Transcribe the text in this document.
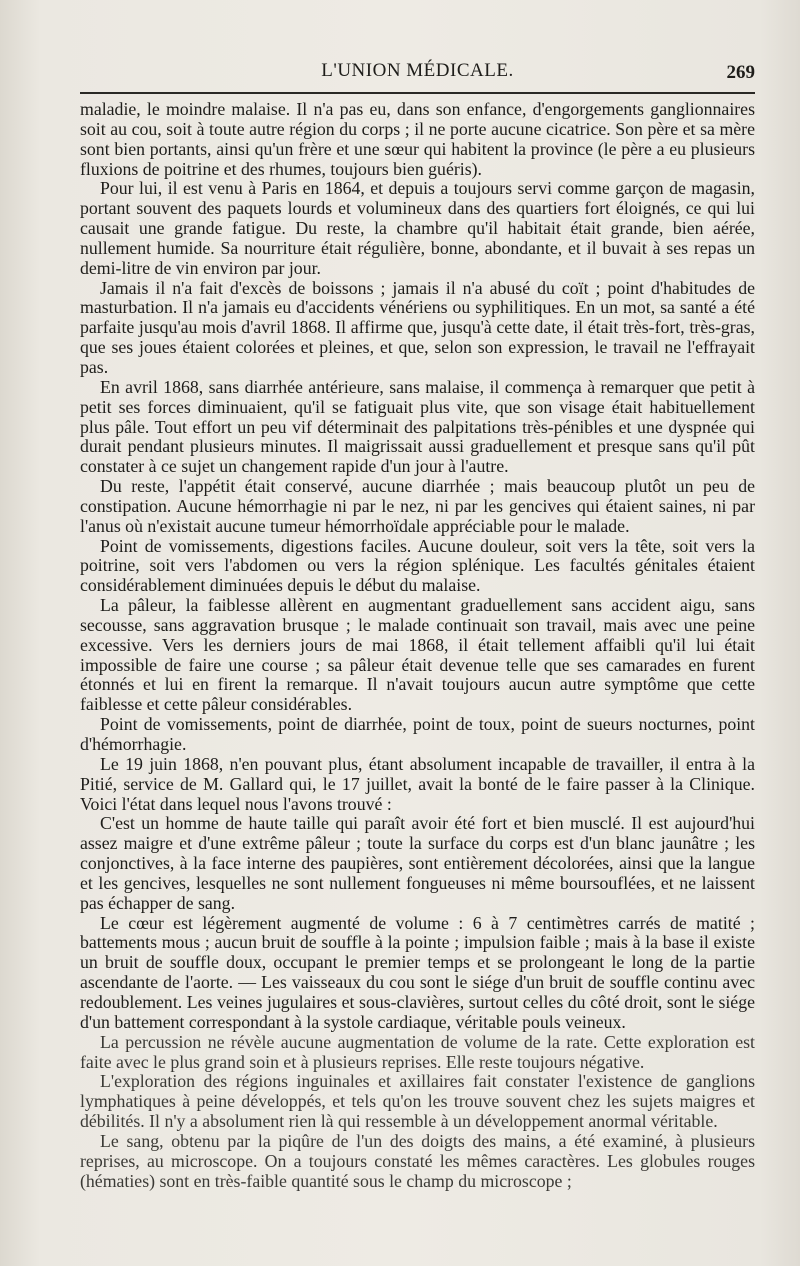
L'UNION MÉDICALE.	269

maladie, le moindre malaise. Il n'a pas eu, dans son enfance, d'engorgements ganglionnaires soit au cou, soit à toute autre région du corps ; il ne porte aucune cicatrice. Son père et sa mère sont bien portants, ainsi qu'un frère et une sœur qui habitent la province (le père a eu plusieurs fluxions de poitrine et des rhumes, toujours bien guéris).

Pour lui, il est venu à Paris en 1864, et depuis a toujours servi comme garçon de magasin, portant souvent des paquets lourds et volumineux dans des quartiers fort éloignés, ce qui lui causait une grande fatigue. Du reste, la chambre qu'il habitait était grande, bien aérée, nullement humide. Sa nourriture était régulière, bonne, abondante, et il buvait à ses repas un demi-litre de vin environ par jour.

Jamais il n'a fait d'excès de boissons ; jamais il n'a abusé du coït ; point d'habitudes de masturbation. Il n'a jamais eu d'accidents vénériens ou syphilitiques. En un mot, sa santé a été parfaite jusqu'au mois d'avril 1868. Il affirme que, jusqu'à cette date, il était très-fort, très-gras, que ses joues étaient colorées et pleines, et que, selon son expression, le travail ne l'effrayait pas.

En avril 1868, sans diarrhée antérieure, sans malaise, il commença à remarquer que petit à petit ses forces diminuaient, qu'il se fatiguait plus vite, que son visage était habituellement plus pâle. Tout effort un peu vif déterminait des palpitations très-pénibles et une dyspnée qui durait pendant plusieurs minutes. Il maigrissait aussi graduellement et presque sans qu'il pût constater à ce sujet un changement rapide d'un jour à l'autre.

Du reste, l'appétit était conservé, aucune diarrhée ; mais beaucoup plutôt un peu de constipation. Aucune hémorrhagie ni par le nez, ni par les gencives qui étaient saines, ni par l'anus où n'existait aucune tumeur hémorrhoïdale appréciable pour le malade.

Point de vomissements, digestions faciles. Aucune douleur, soit vers la tête, soit vers la poitrine, soit vers l'abdomen ou vers la région splénique. Les facultés génitales étaient considérablement diminuées depuis le début du malaise.

La pâleur, la faiblesse allèrent en augmentant graduellement sans accident aigu, sans secousse, sans aggravation brusque ; le malade continuait son travail, mais avec une peine excessive. Vers les derniers jours de mai 1868, il était tellement affaibli qu'il lui était impossible de faire une course ; sa pâleur était devenue telle que ses camarades en furent étonnés et lui en firent la remarque. Il n'avait toujours aucun autre symptôme que cette faiblesse et cette pâleur considérables.

Point de vomissements, point de diarrhée, point de toux, point de sueurs nocturnes, point d'hémorrhagie.

Le 19 juin 1868, n'en pouvant plus, étant absolument incapable de travailler, il entra à la Pitié, service de M. Gallard qui, le 17 juillet, avait la bonté de le faire passer à la Clinique. Voici l'état dans lequel nous l'avons trouvé :

C'est un homme de haute taille qui paraît avoir été fort et bien musclé. Il est aujourd'hui assez maigre et d'une extrême pâleur ; toute la surface du corps est d'un blanc jaunâtre ; les conjonctives, à la face interne des paupières, sont entièrement décolorées, ainsi que la langue et les gencives, lesquelles ne sont nullement fongueuses ni même boursouflées, et ne laissent pas échapper de sang.

Le cœur est légèrement augmenté de volume : 6 à 7 centimètres carrés de matité ; battements mous ; aucun bruit de souffle à la pointe ; impulsion faible ; mais à la base il existe un bruit de souffle doux, occupant le premier temps et se prolongeant le long de la partie ascendante de l'aorte. — Les vaisseaux du cou sont le siége d'un bruit de souffle continu avec redoublement. Les veines jugulaires et sous-clavières, surtout celles du côté droit, sont le siége d'un battement correspondant à la systole cardiaque, véritable pouls veineux.

La percussion ne révèle aucune augmentation de volume de la rate. Cette exploration est faite avec le plus grand soin et à plusieurs reprises. Elle reste toujours négative.

L'exploration des régions inguinales et axillaires fait constater l'existence de ganglions lymphatiques à peine développés, et tels qu'on les trouve souvent chez les sujets maigres et débilités. Il n'y a absolument rien là qui ressemble à un développement anormal véritable.

Le sang, obtenu par la piqûre de l'un des doigts des mains, a été examiné, à plusieurs reprises, au microscope. On a toujours constaté les mêmes caractères. Les globules rouges (hématies) sont en très-faible quantité sous le champ du microscope ;
